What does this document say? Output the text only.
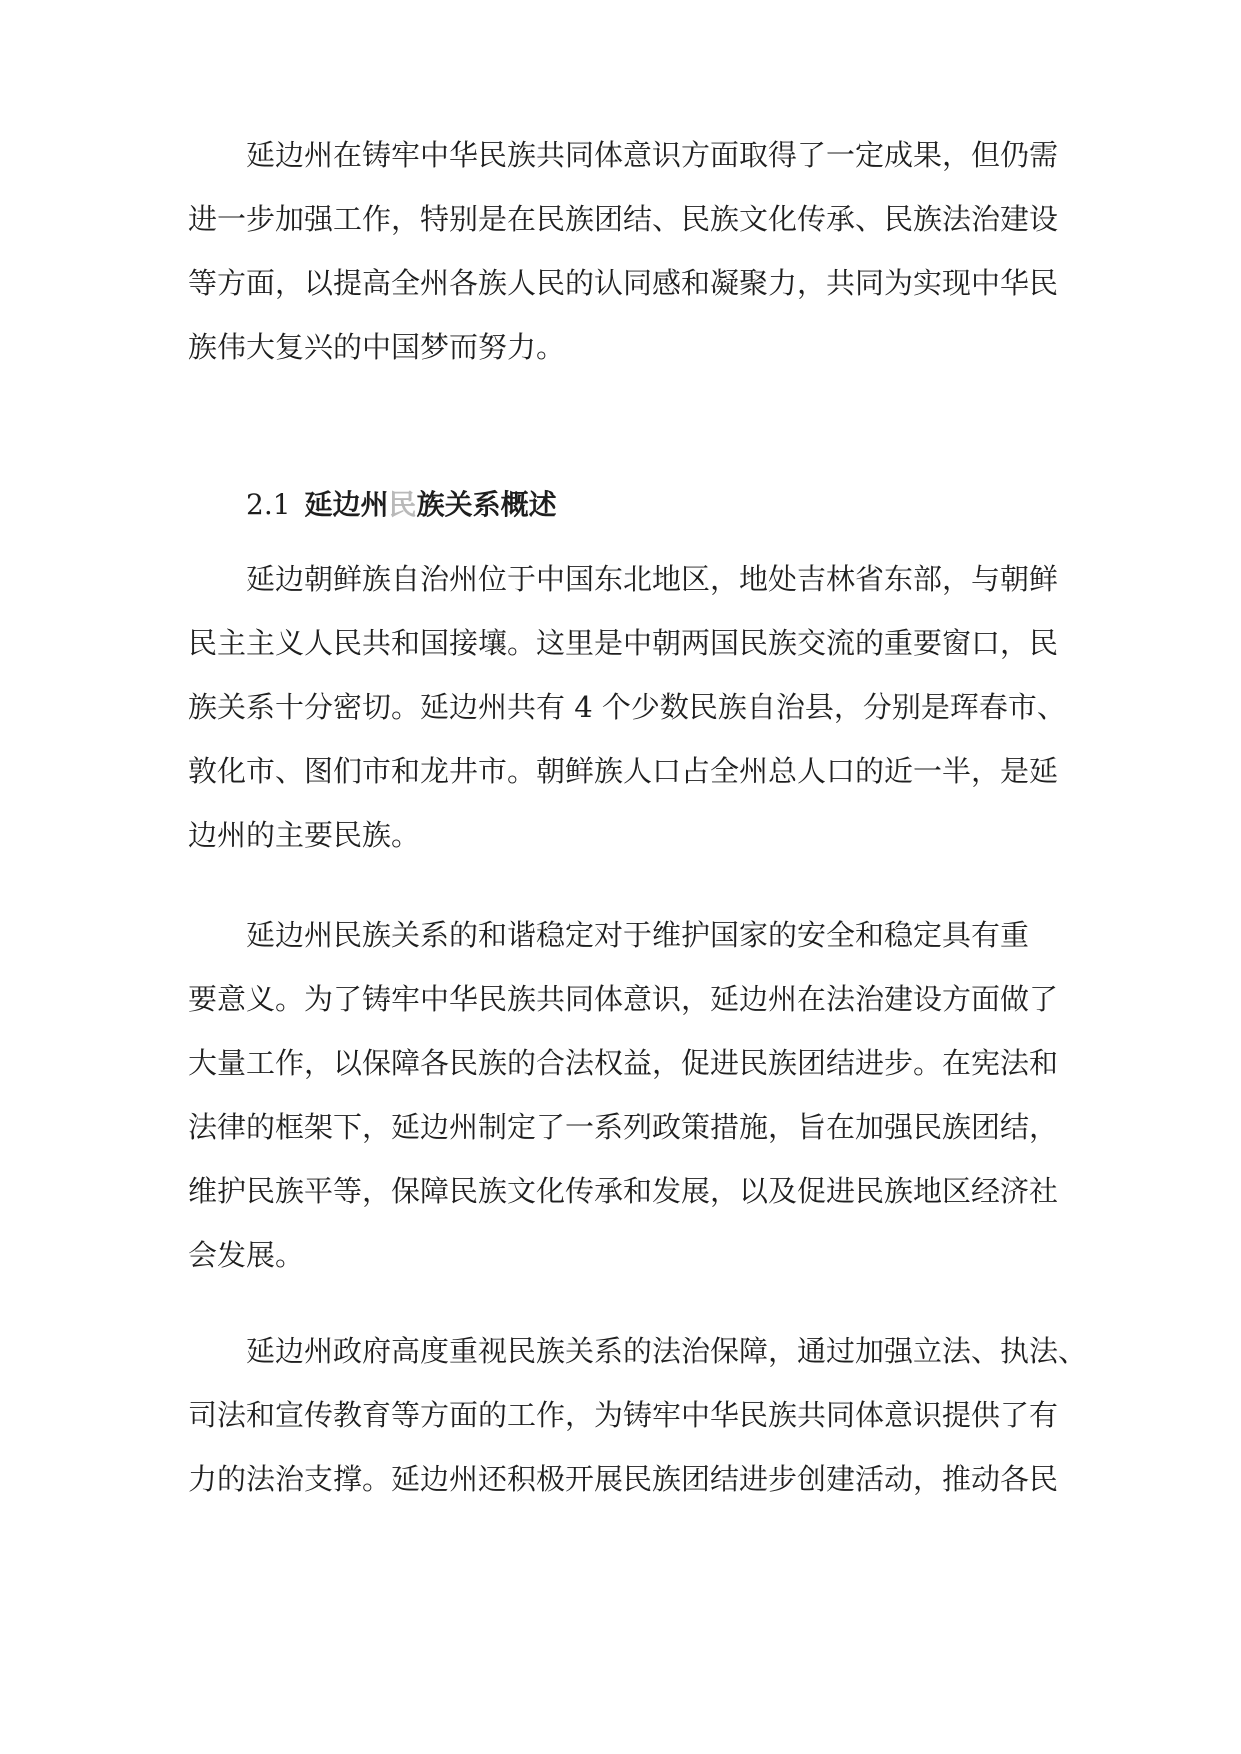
延边州在铸牢中华民族共同体意识方面取得了一定成果，但仍需
进一步加强工作，特别是在民族团结、民族文化传承、民族法治建设
等方面，以提高全州各族人民的认同感和凝聚力，共同为实现中华民
族伟大复兴的中国梦而努力。
2.1 延边州民族关系概述
延边朝鲜族自治州位于中国东北地区，地处吉林省东部，与朝鲜
民主主义人民共和国接壤。这里是中朝两国民族交流的重要窗口，民
族关系十分密切。延边州共有 4 个少数民族自治县，分别是珲春市、
敦化市、图们市和龙井市。朝鲜族人口占全州总人口的近一半，是延
边州的主要民族。
延边州民族关系的和谐稳定对于维护国家的安全和稳定具有重
要意义。为了铸牢中华民族共同体意识，延边州在法治建设方面做了
大量工作，以保障各民族的合法权益，促进民族团结进步。在宪法和
法律的框架下，延边州制定了一系列政策措施，旨在加强民族团结，
维护民族平等，保障民族文化传承和发展，以及促进民族地区经济社
会发展。
延边州政府高度重视民族关系的法治保障，通过加强立法、执法、
司法和宣传教育等方面的工作，为铸牢中华民族共同体意识提供了有
力的法治支撑。延边州还积极开展民族团结进步创建活动，推动各民
